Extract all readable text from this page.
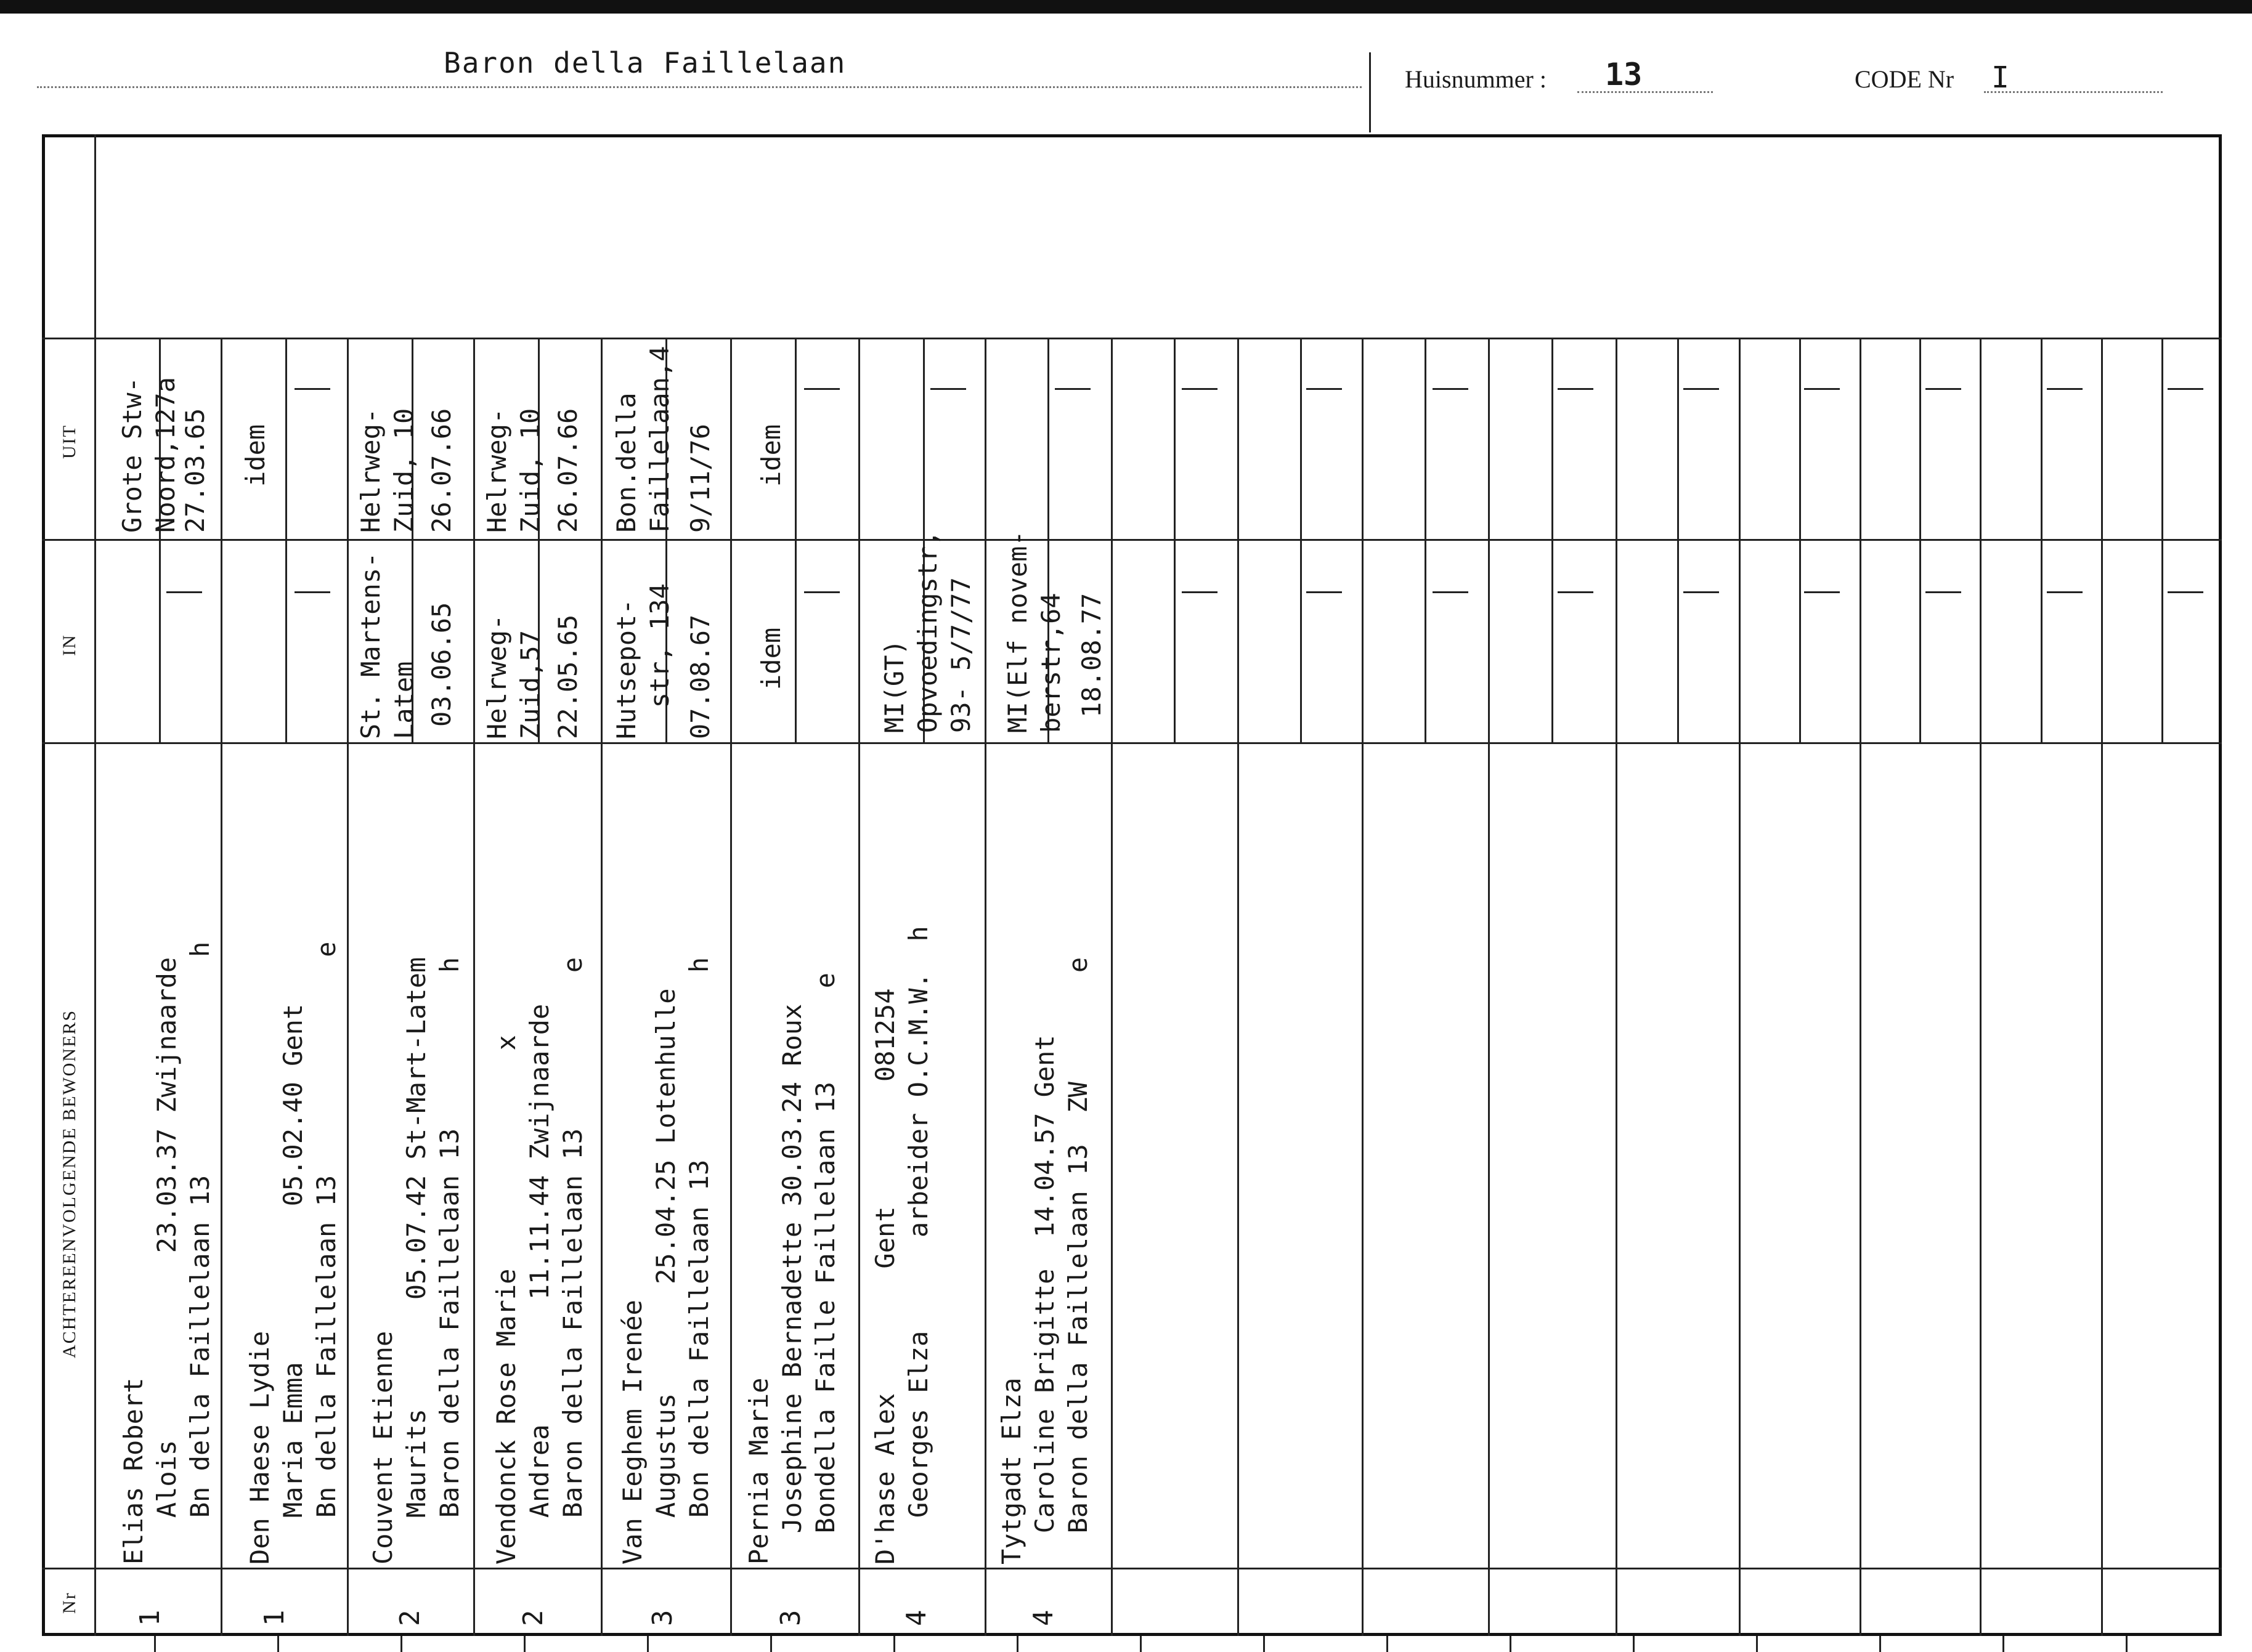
Baron della Faillelaan	Huisnummer : 13	CODE Nr I
UIT
IN
ACHTEREENVOLGENDE BEWONERS
Nr
Grote Stw-
Noord,127a 27.03.65
Elias Robert
Alois            23.03.37 Zwijnaarde
Bn della Faillelaan 13              h
1
idem
Den Haese Lydie
Maria Emma          05.02.40 Gent
Bn della Faillelaan 13              e
1
Helrweg-
Zuid, 10 26.07.66
St. Martens-
Latem 03.06.65
Couvent Etienne
Maurits       05.07.42 St-Mart-Latem
Baron della Faillelaan 13          h
2
Helrweg-
Zuid, 10 26.07.66
Helrweg-
Zuid,57 22.05.65
Vendonck Rose Marie              x
Andrea        11.11.44 Zwijnaarde
Baron della Faillelaan 13          e
2
Bon.della
Faillelaan,4 9/11/76
Hutsepot-
str, 134
07.08.67
Van Eeghem Irenée
Augustus       25.04.25 Lotenhulle
Bon della Faillelaan 13            h
3
idem
idem
Pernia Marie
Josephine Bernadette 30.03.24 Roux
Bondella Faille Faillelaan 13      e
3
MI(GT)
Opvoedingstr,
93- 5/7/77
D'hase Alex        Gent        081254
Georges Elza      arbeider O.C.M.W.  h
4
MI(Elf novem-
berstr,64 18.08.77
Tytgadt Elza
Caroline Brigitte  14.04.57 Gent
Baron della Faillelaan 13  ZW       e
4
